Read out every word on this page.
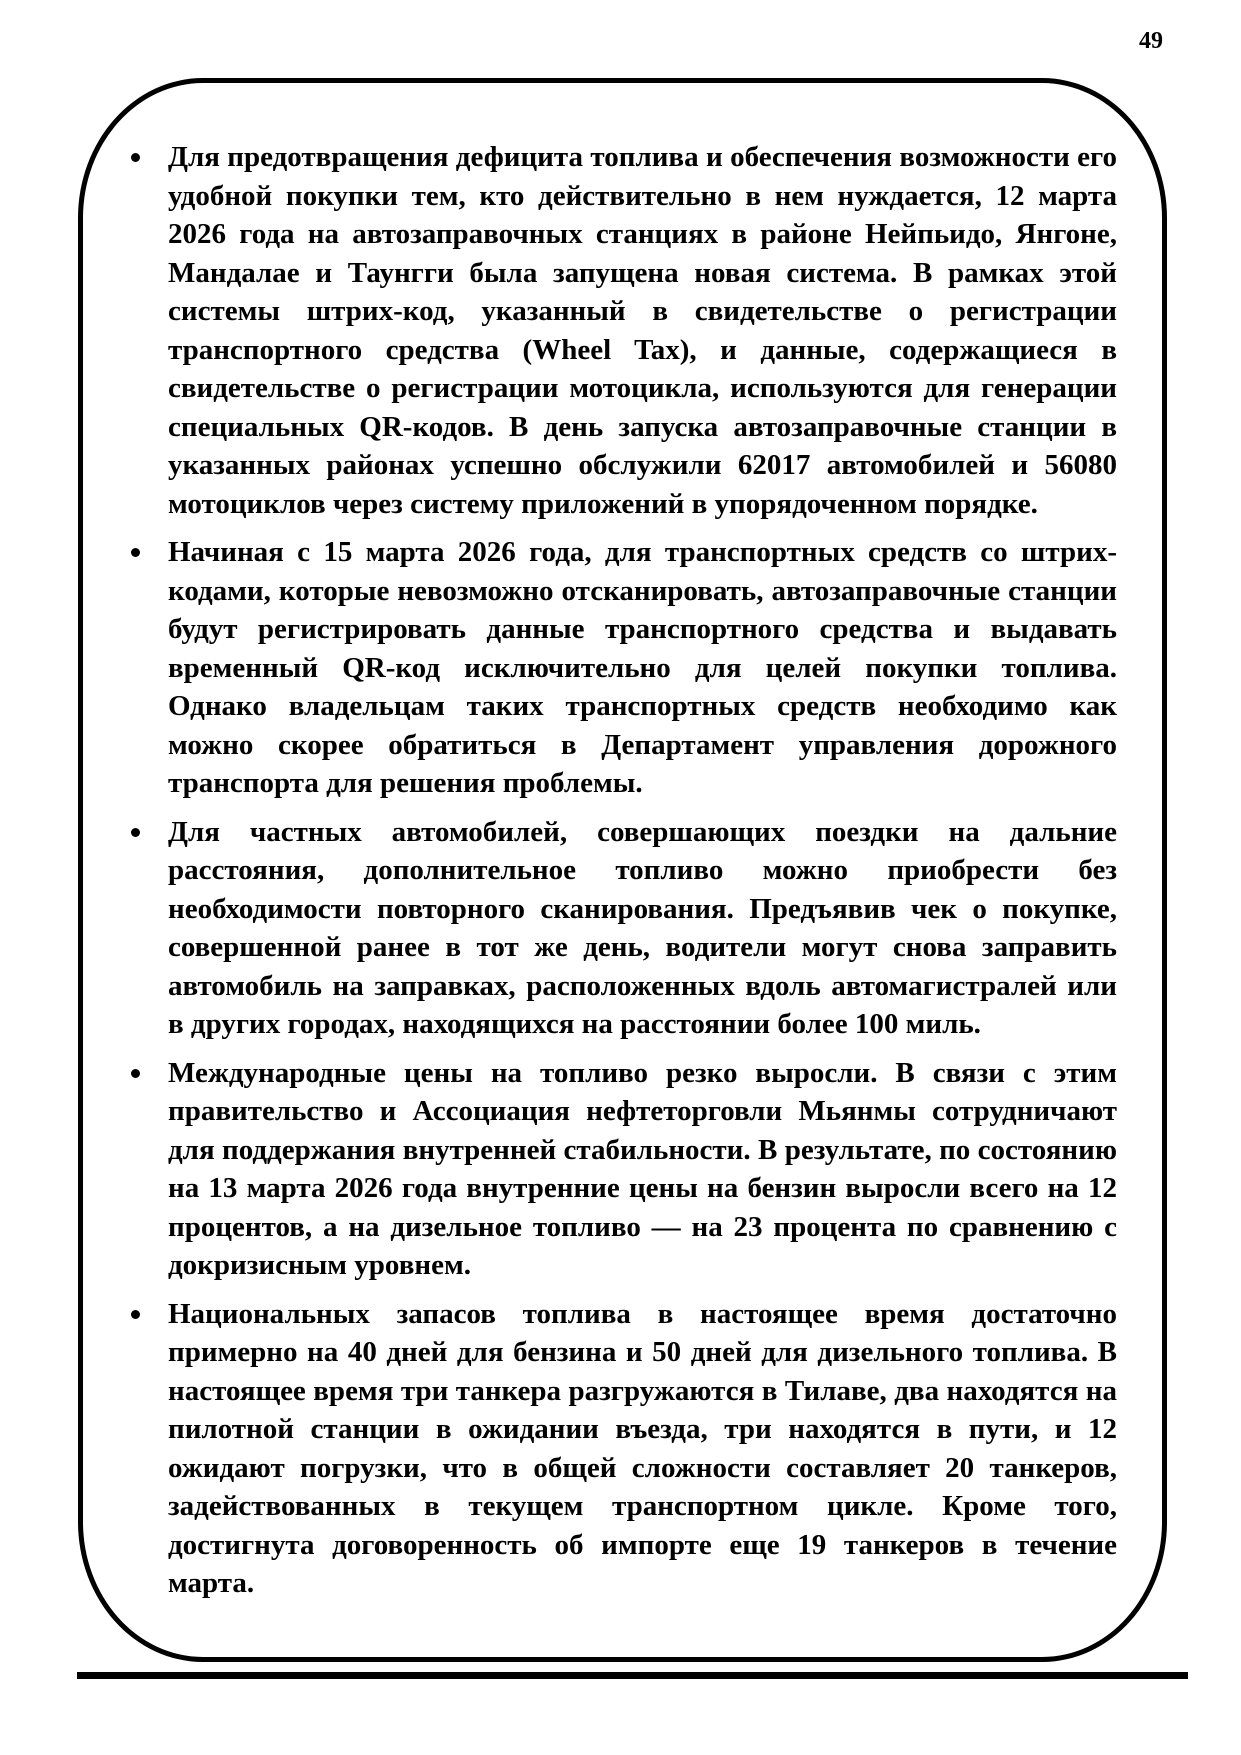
49

Для предотвращения дефицита топлива и обеспечения возможности его удобной покупки тем, кто действительно в нем нуждается, 12 марта 2026 года на автозаправочных станциях в районе Нейпьидо, Янгоне, Мандалае и Таунгги была запущена новая система. В рамках этой системы штрих-код, указанный в свидетельстве о регистрации транспортного средства (Wheel Tax), и данные, содержащиеся в свидетельстве о регистрации мотоцикла, используются для генерации специальных QR-кодов. В день запуска автозаправочные станции в указанных районах успешно обслужили 62017 автомобилей и 56080 мотоциклов через систему приложений в упорядоченном порядке.

Начиная с 15 марта 2026 года, для транспортных средств со штрих-кодами, которые невозможно отсканировать, автозаправочные станции будут регистрировать данные транспортного средства и выдавать временный QR-код исключительно для целей покупки топлива. Однако владельцам таких транспортных средств необходимо как можно скорее обратиться в Департамент управления дорожного транспорта для решения проблемы.

Для частных автомобилей, совершающих поездки на дальние расстояния, дополнительное топливо можно приобрести без необходимости повторного сканирования. Предъявив чек о покупке, совершенной ранее в тот же день, водители могут снова заправить автомобиль на заправках, расположенных вдоль автомагистралей или в других городах, находящихся на расстоянии более 100 миль.

Международные цены на топливо резко выросли. В связи с этим правительство и Ассоциация нефтеторговли Мьянмы сотрудничают для поддержания внутренней стабильности. В результате, по состоянию на 13 марта 2026 года внутренние цены на бензин выросли всего на 12 процентов, а на дизельное топливо — на 23 процента по сравнению с докризисным уровнем.

Национальных запасов топлива в настоящее время достаточно примерно на 40 дней для бензина и 50 дней для дизельного топлива. В настоящее время три танкера разгружаются в Тилаве, два находятся на пилотной станции в ожидании въезда, три находятся в пути, и 12 ожидают погрузки, что в общей сложности составляет 20 танкеров, задействованных в текущем транспортном цикле. Кроме того, достигнута договоренность об импорте еще 19 танкеров в течение марта.
